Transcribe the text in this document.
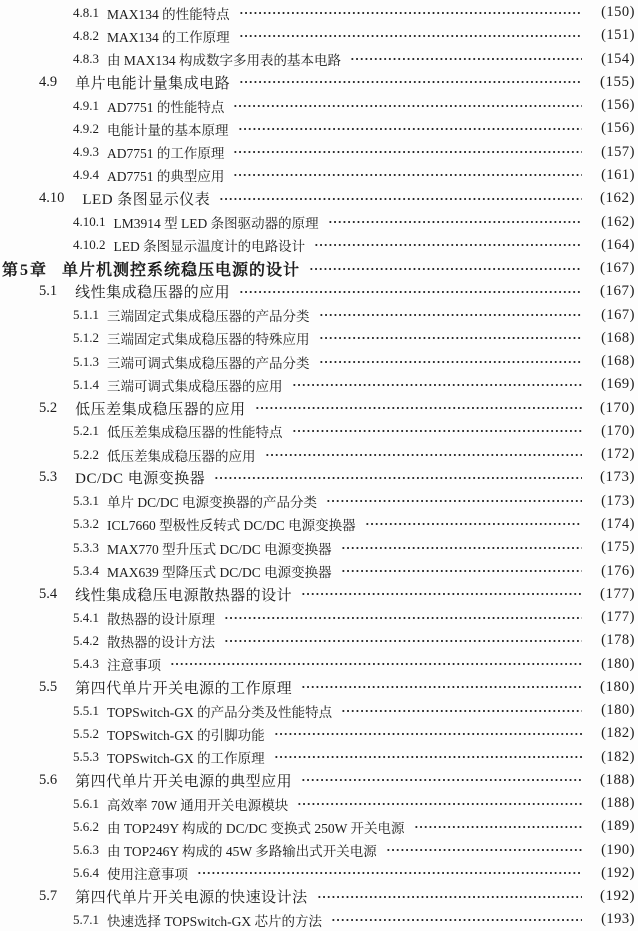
4.8.1 MAX134 的性能特点	(150)
4.8.2 MAX134 的工作原理	(151)
4.8.3 由 MAX134 构成数字多用表的基本电路	(154)
4.9 单片电能计量集成电路	(155)
4.9.1 AD7751 的性能特点	(156)
4.9.2 电能计量的基本原理	(156)
4.9.3 AD7751 的工作原理	(157)
4.9.4 AD7751 的典型应用	(161)
4.10 LED 条图显示仪表	(162)
4.10.1 LM3914 型 LED 条图驱动器的原理	(162)
4.10.2 LED 条图显示温度计的电路设计	(164)
第5章 单片机测控系统稳压电源的设计	(167)
5.1 线性集成稳压器的应用	(167)
5.1.1 三端固定式集成稳压器的产品分类	(167)
5.1.2 三端固定式集成稳压器的特殊应用	(168)
5.1.3 三端可调式集成稳压器的产品分类	(168)
5.1.4 三端可调式集成稳压器的应用	(169)
5.2 低压差集成稳压器的应用	(170)
5.2.1 低压差集成稳压器的性能特点	(170)
5.2.2 低压差集成稳压器的应用	(172)
5.3 DC/DC 电源变换器	(173)
5.3.1 单片 DC/DC 电源变换器的产品分类	(173)
5.3.2 ICL7660 型极性反转式 DC/DC 电源变换器	(174)
5.3.3 MAX770 型升压式 DC/DC 电源变换器	(175)
5.3.4 MAX639 型降压式 DC/DC 电源变换器	(176)
5.4 线性集成稳压电源散热器的设计	(177)
5.4.1 散热器的设计原理	(177)
5.4.2 散热器的设计方法	(178)
5.4.3 注意事项	(180)
5.5 第四代单片开关电源的工作原理	(180)
5.5.1 TOPSwitch-GX 的产品分类及性能特点	(180)
5.5.2 TOPSwitch-GX 的引脚功能	(182)
5.5.3 TOPSwitch-GX 的工作原理	(182)
5.6 第四代单片开关电源的典型应用	(188)
5.6.1 高效率 70W 通用开关电源模块	(188)
5.6.2 由 TOP249Y 构成的 DC/DC 变换式 250W 开关电源	(189)
5.6.3 由 TOP246Y 构成的 45W 多路输出式开关电源	(190)
5.6.4 使用注意事项	(192)
5.7 第四代单片开关电源的快速设计法	(192)
5.7.1 快速选择 TOPSwitch-GX 芯片的方法	(193)
